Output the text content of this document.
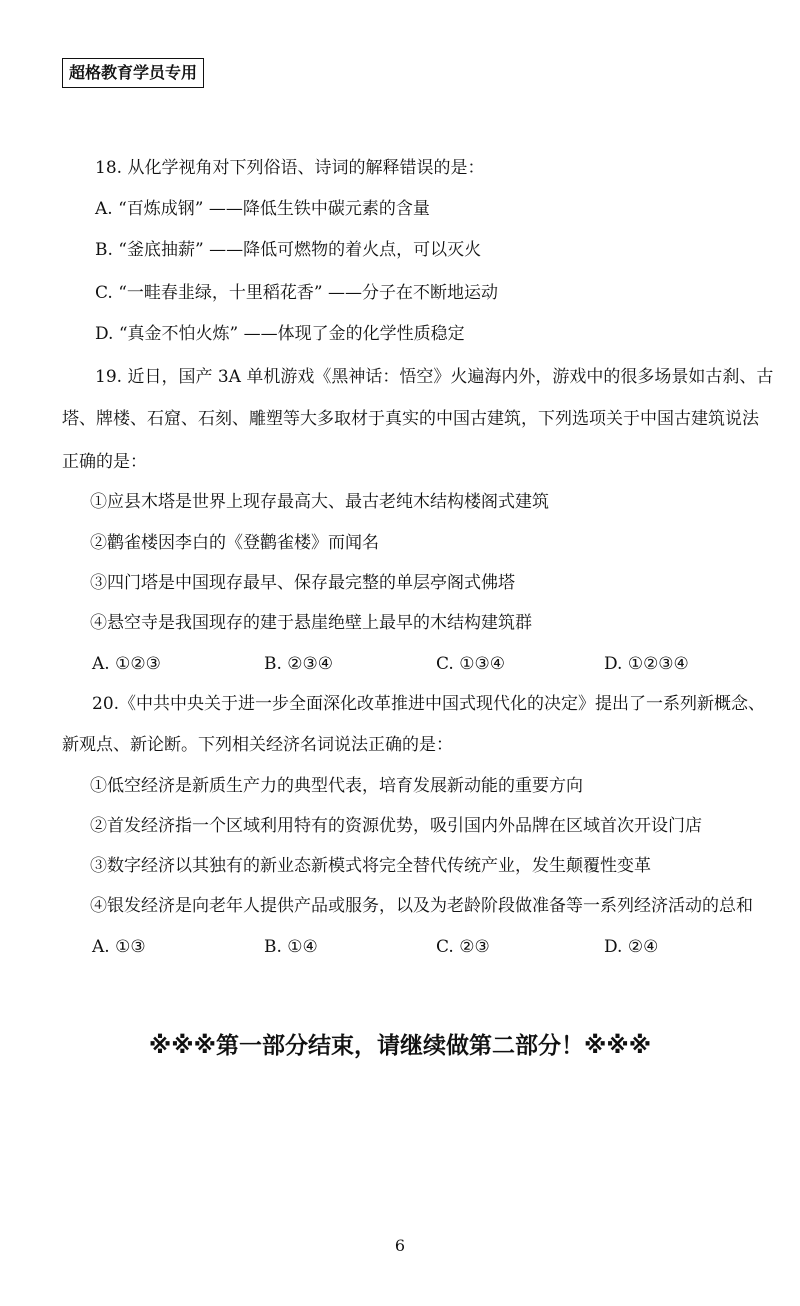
超格教育学员专用
18. 从化学视角对下列俗语、诗词的解释错误的是：
A. “百炼成钢” ——降低生铁中碳元素的含量
B. “釜底抽薪” ——降低可燃物的着火点，可以灭火
C. “一畦春韭绿，十里稻花香” ——分子在不断地运动
D. “真金不怕火炼” ——体现了金的化学性质稳定
19. 近日，国产 3A 单机游戏《黑神话：悟空》火遍海内外，游戏中的很多场景如古刹、古
塔、牌楼、石窟、石刻、雕塑等大多取材于真实的中国古建筑，下列选项关于中国古建筑说法
正确的是：
①应县木塔是世界上现存最高大、最古老纯木结构楼阁式建筑
②鹳雀楼因李白的《登鹳雀楼》而闻名
③四门塔是中国现存最早、保存最完整的单层亭阁式佛塔
④悬空寺是我国现存的建于悬崖绝壁上最早的木结构建筑群
A. ①②③	B. ②③④	C. ①③④	D. ①②③④
20.《中共中央关于进一步全面深化改革推进中国式现代化的决定》提出了一系列新概念、
新观点、新论断。下列相关经济名词说法正确的是：
①低空经济是新质生产力的典型代表，培育发展新动能的重要方向
②首发经济指一个区域利用特有的资源优势，吸引国内外品牌在区域首次开设门店
③数字经济以其独有的新业态新模式将完全替代传统产业，发生颠覆性变革
④银发经济是向老年人提供产品或服务，以及为老龄阶段做准备等一系列经济活动的总和
A. ①③	B. ①④	C. ②③	D. ②④
※※※第一部分结束，请继续做第二部分！※※※
6
